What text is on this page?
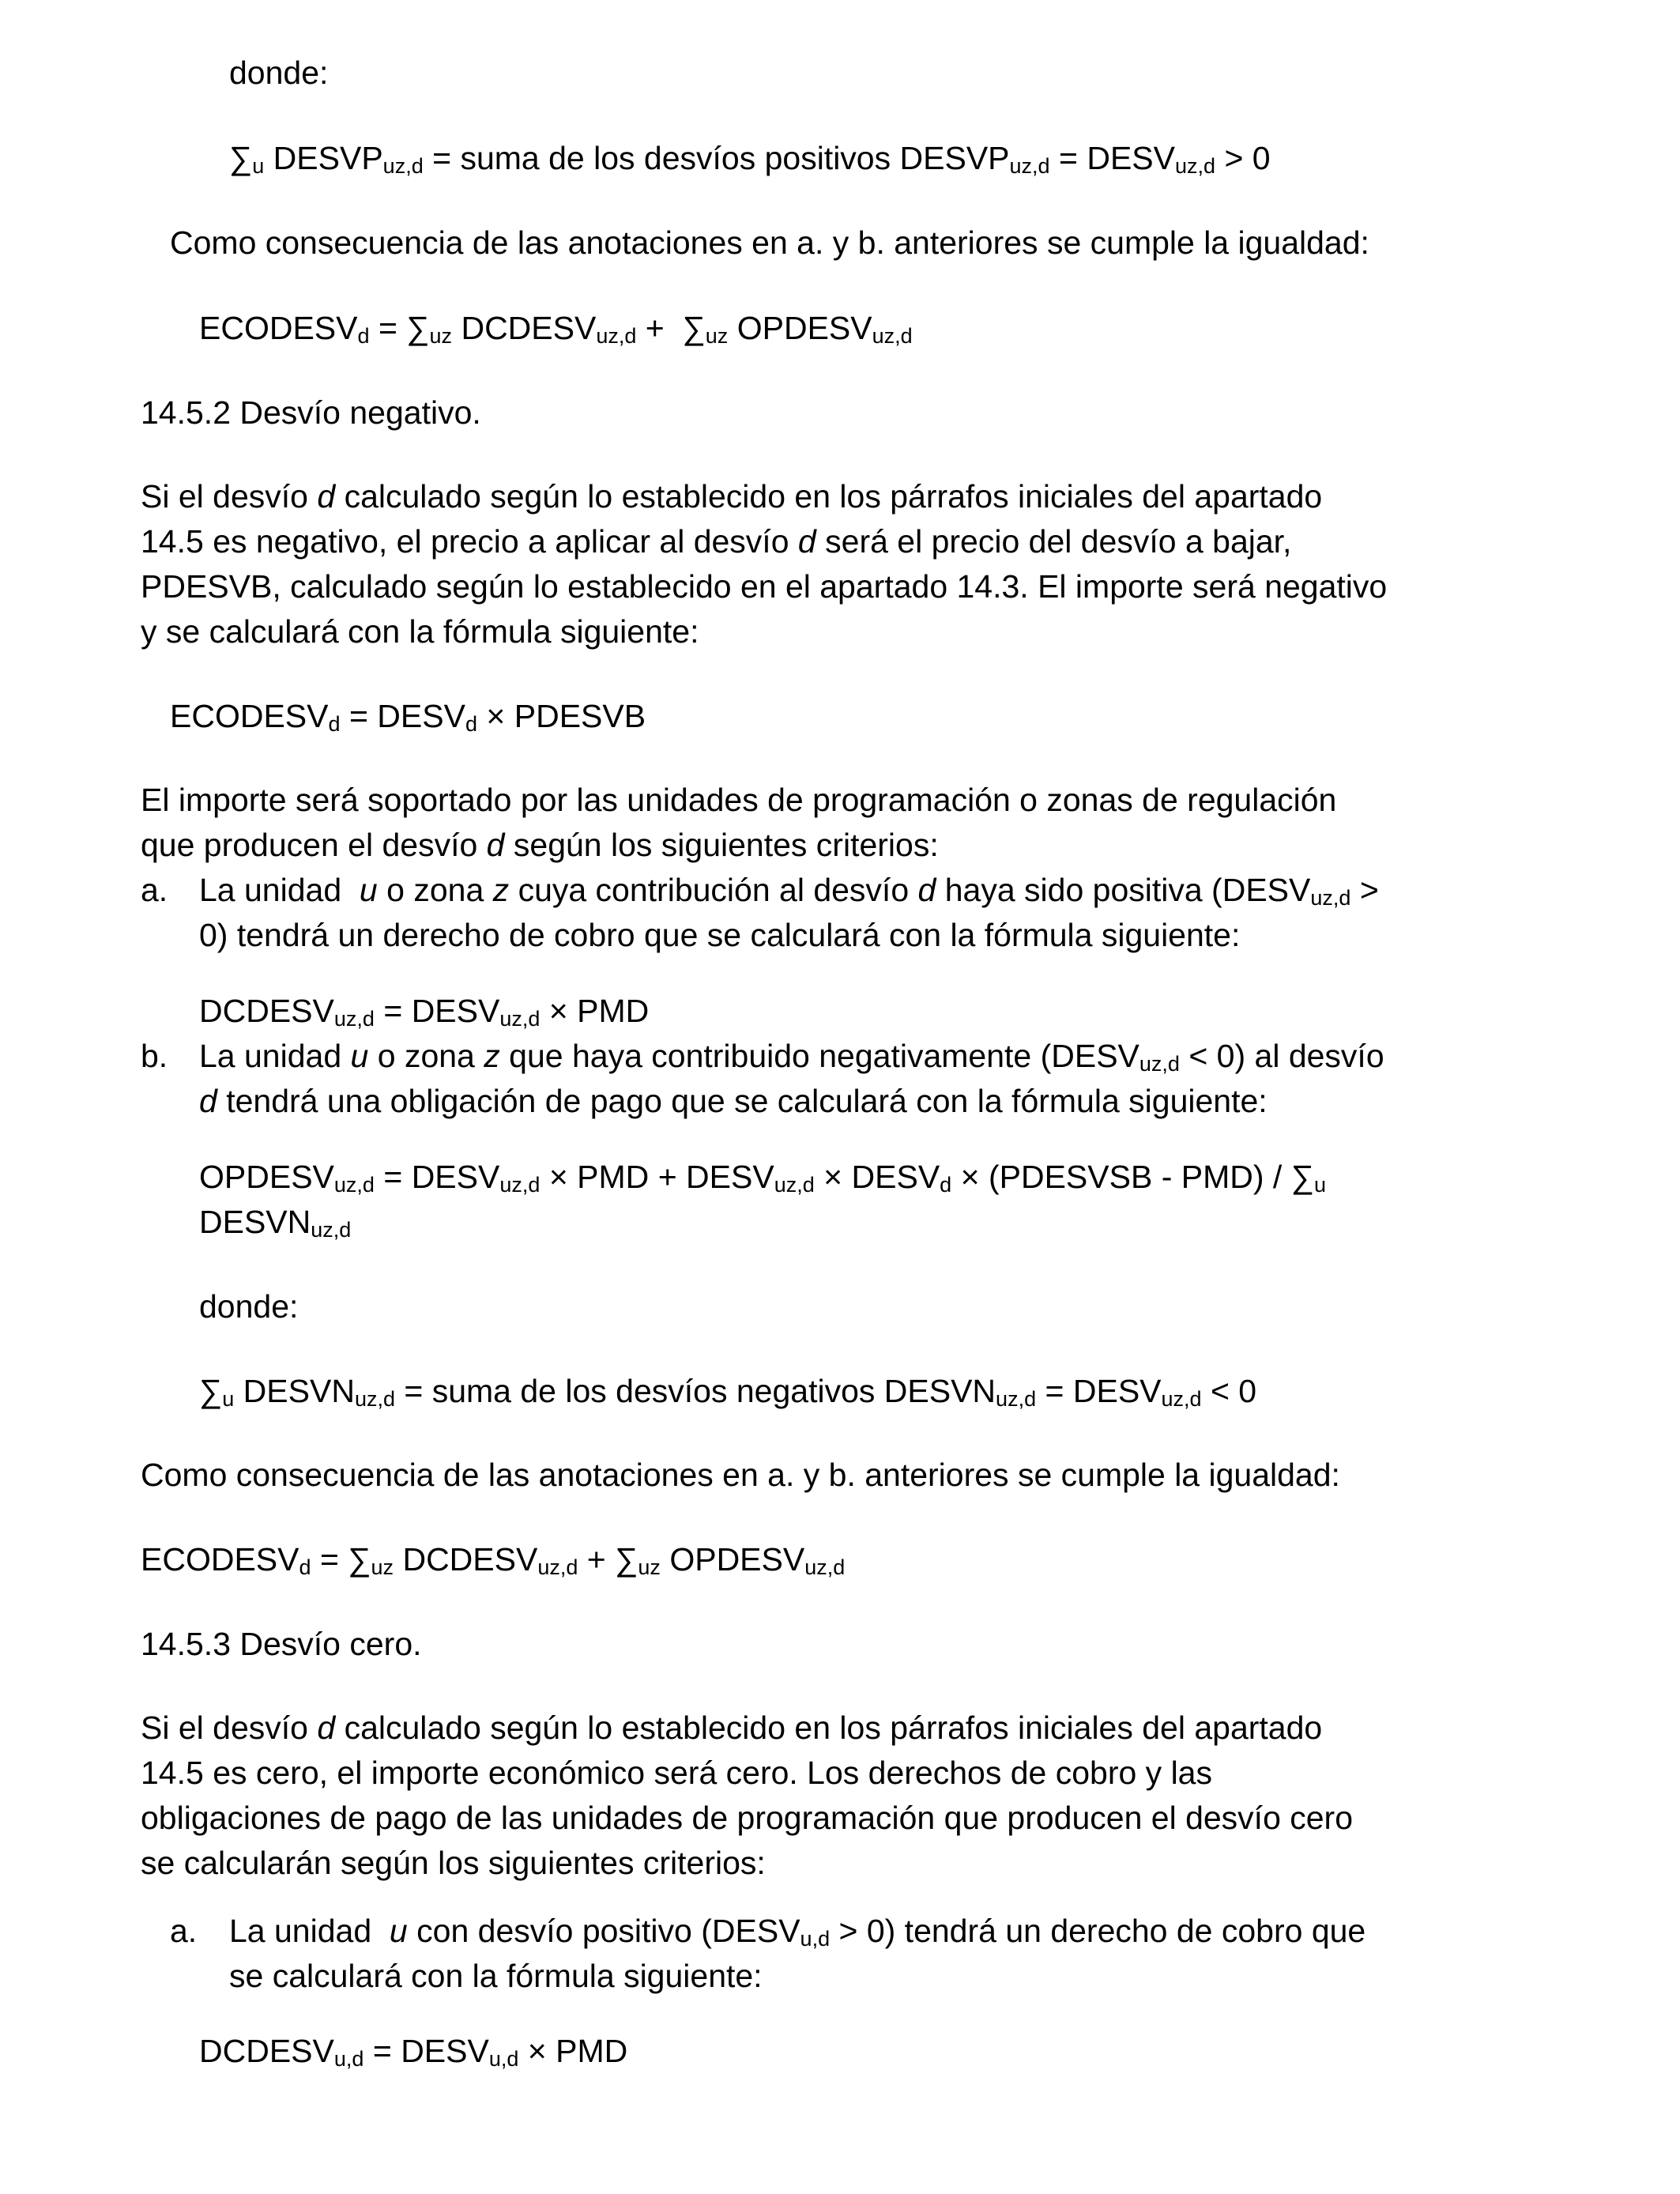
donde:
$\sum_u$ $DESVP_{uz,d}$ = suma de los desvíos positivos $DESVP_{uz,d}$ = $DESV_{uz,d} > 0$
Como consecuencia de las anotaciones en a. y b. anteriores se cumple la igualdad:
$ECODESV_d = \sum_{uz}$ $DCDESV_{uz,d} + \sum_{uz}$ $OPDESV_{uz,d}$
14.5.2 Desvío negativo.
Si el desvío d calculado según lo establecido en los párrafos iniciales del apartado
14.5 es negativo, el precio a aplicar al desvío d será el precio del desvío a bajar,
PDESVB, calculado según lo establecido en el apartado 14.3. El importe será negativo
y se calculará con la fórmula siguiente:
$ECODESV_d$ = $DESV_d$ × PDESVB
El importe será soportado por las unidades de programación o zonas de regulación
que producen el desvío d según los siguientes criterios:
a. La unidad u o zona z cuya contribución al desvío d haya sido positiva ($DESV_{uz,d}$ >
0) tendrá un derecho de cobro que se calculará con la fórmula siguiente:
$DCDESV_{uz,d}$ = $DESV_{uz,d}$ × PMD
b. La unidad u o zona z que haya contribuido negativamente $(DESV_{uz,d} < 0)$ al desvío
d tendrá una obligación de pago que se calculará con la fórmula siguiente:
$OPDESV_{uz,d}$ = $DESV_{uz,d}$ × PMD + $DESV_{uz,d}$ × $DESV_d$ × (PDESVSB - $PMD) / \sum_u$
$DESVN_{uz,d}$
donde:
$\sum_u$ $DESVN_{uz,d}$ = suma de los desvíos negativos $DESVN_{uz,d}$ = $DESV_{uz,d} < 0$
Como consecuencia de las anotaciones en a. y b. anteriores se cumple la igualdad:
$ECODESV_d = \sum_{uz}$ $DCDESV_{uz,d} + \sum_{uz}$ $OPDESV_{uz,d}$
14.5.3 Desvío cero.
Si el desvío d calculado según lo establecido en los párrafos iniciales del apartado
14.5 es cero, el importe económico será cero. Los derechos de cobro y las
obligaciones de pago de las unidades de programación que producen el desvío cero
se calcularán según los siguientes criterios:
a. La unidad u con desvío positivo $(DESV_{u,d} > 0)$ tendrá un derecho de cobro que
se calculará con la fórmula siguiente:
$DCDESV_{u,d}$ = $DESV_{u,d}$ × PMD
